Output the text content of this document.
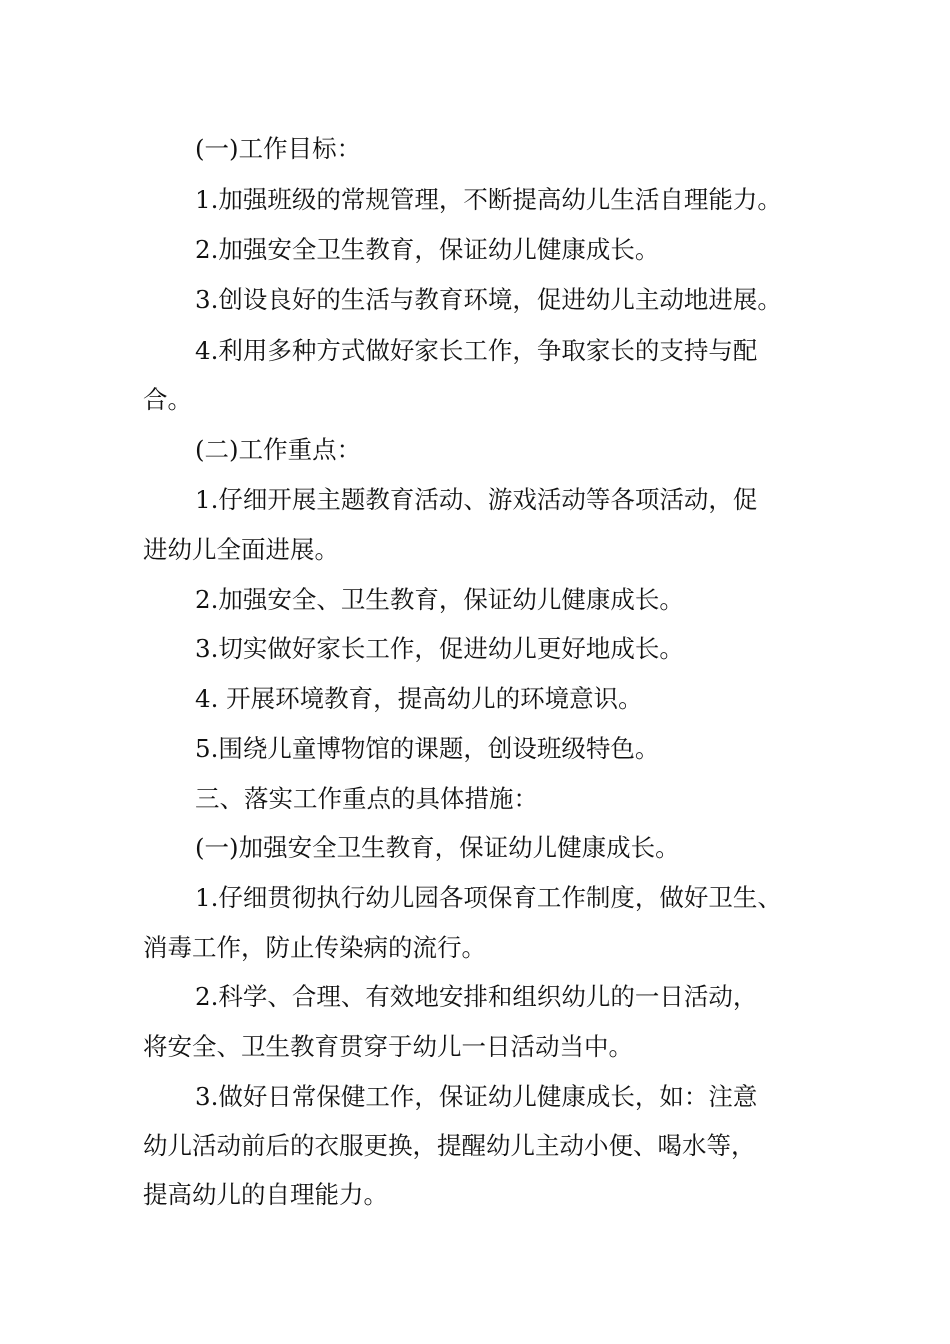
(一)工作目标：
1.加强班级的常规管理，不断提高幼儿生活自理能力。
2.加强安全卫生教育，保证幼儿健康成长。
3.创设良好的生活与教育环境，促进幼儿主动地进展。
4.利用多种方式做好家长工作，争取家长的支持与配
合。
(二)工作重点：
1.仔细开展主题教育活动、游戏活动等各项活动，促
进幼儿全面进展。
2.加强安全、卫生教育，保证幼儿健康成长。
3.切实做好家长工作，促进幼儿更好地成长。
4. 开展环境教育，提高幼儿的环境意识。
5.围绕儿童博物馆的课题，创设班级特色。
三、落实工作重点的具体措施：
(一)加强安全卫生教育，保证幼儿健康成长。
1.仔细贯彻执行幼儿园各项保育工作制度，做好卫生、
消毒工作，防止传染病的流行。
2.科学、合理、有效地安排和组织幼儿的一日活动，
将安全、卫生教育贯穿于幼儿一日活动当中。
3.做好日常保健工作，保证幼儿健康成长，如：注意
幼儿活动前后的衣服更换，提醒幼儿主动小便、喝水等，
提高幼儿的自理能力。
